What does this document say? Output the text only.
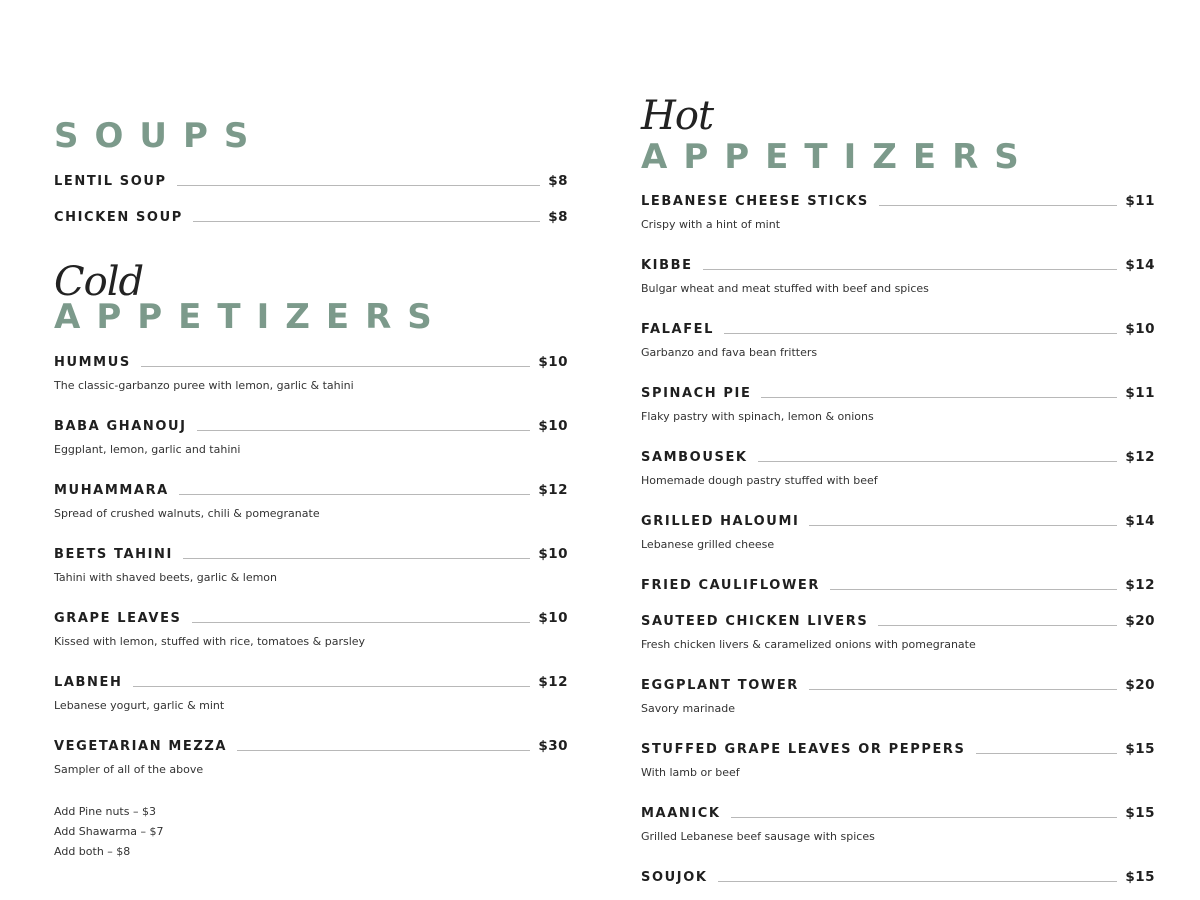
SOUPS
LENTIL SOUP	$8
CHICKEN SOUP	$8
Cold
APPETIZERS
HUMMUS	$10
The classic-garbanzo puree with lemon, garlic & tahini
BABA GHANOUJ	$10
Eggplant, lemon, garlic and tahini
MUHAMMARA	$12
Spread of crushed walnuts, chili & pomegranate
BEETS TAHINI	$10
Tahini with shaved beets, garlic & lemon
GRAPE LEAVES	$10
Kissed with lemon, stuffed with rice, tomatoes & parsley
LABNEH	$12
Lebanese yogurt, garlic & mint
VEGETARIAN MEZZA	$30
Sampler of all of the above
Add Pine nuts – $3
Add Shawarma – $7
Add both – $8
Hot
APPETIZERS
LEBANESE CHEESE STICKS	$11
Crispy with a hint of mint
KIBBE	$14
Bulgar wheat and meat stuffed with beef and spices
FALAFEL	$10
Garbanzo and fava bean fritters
SPINACH PIE	$11
Flaky pastry with spinach, lemon & onions
SAMBOUSEK	$12
Homemade dough pastry stuffed with beef
GRILLED HALOUMI	$14
Lebanese grilled cheese
FRIED CAULIFLOWER	$12
SAUTEED CHICKEN LIVERS	$20
Fresh chicken livers & caramelized onions with pomegranate
EGGPLANT TOWER	$20
Savory marinade
STUFFED GRAPE LEAVES OR PEPPERS	$15
With lamb or beef
MAANICK	$15
Grilled Lebanese beef sausage with spices
SOUJOK	$15
